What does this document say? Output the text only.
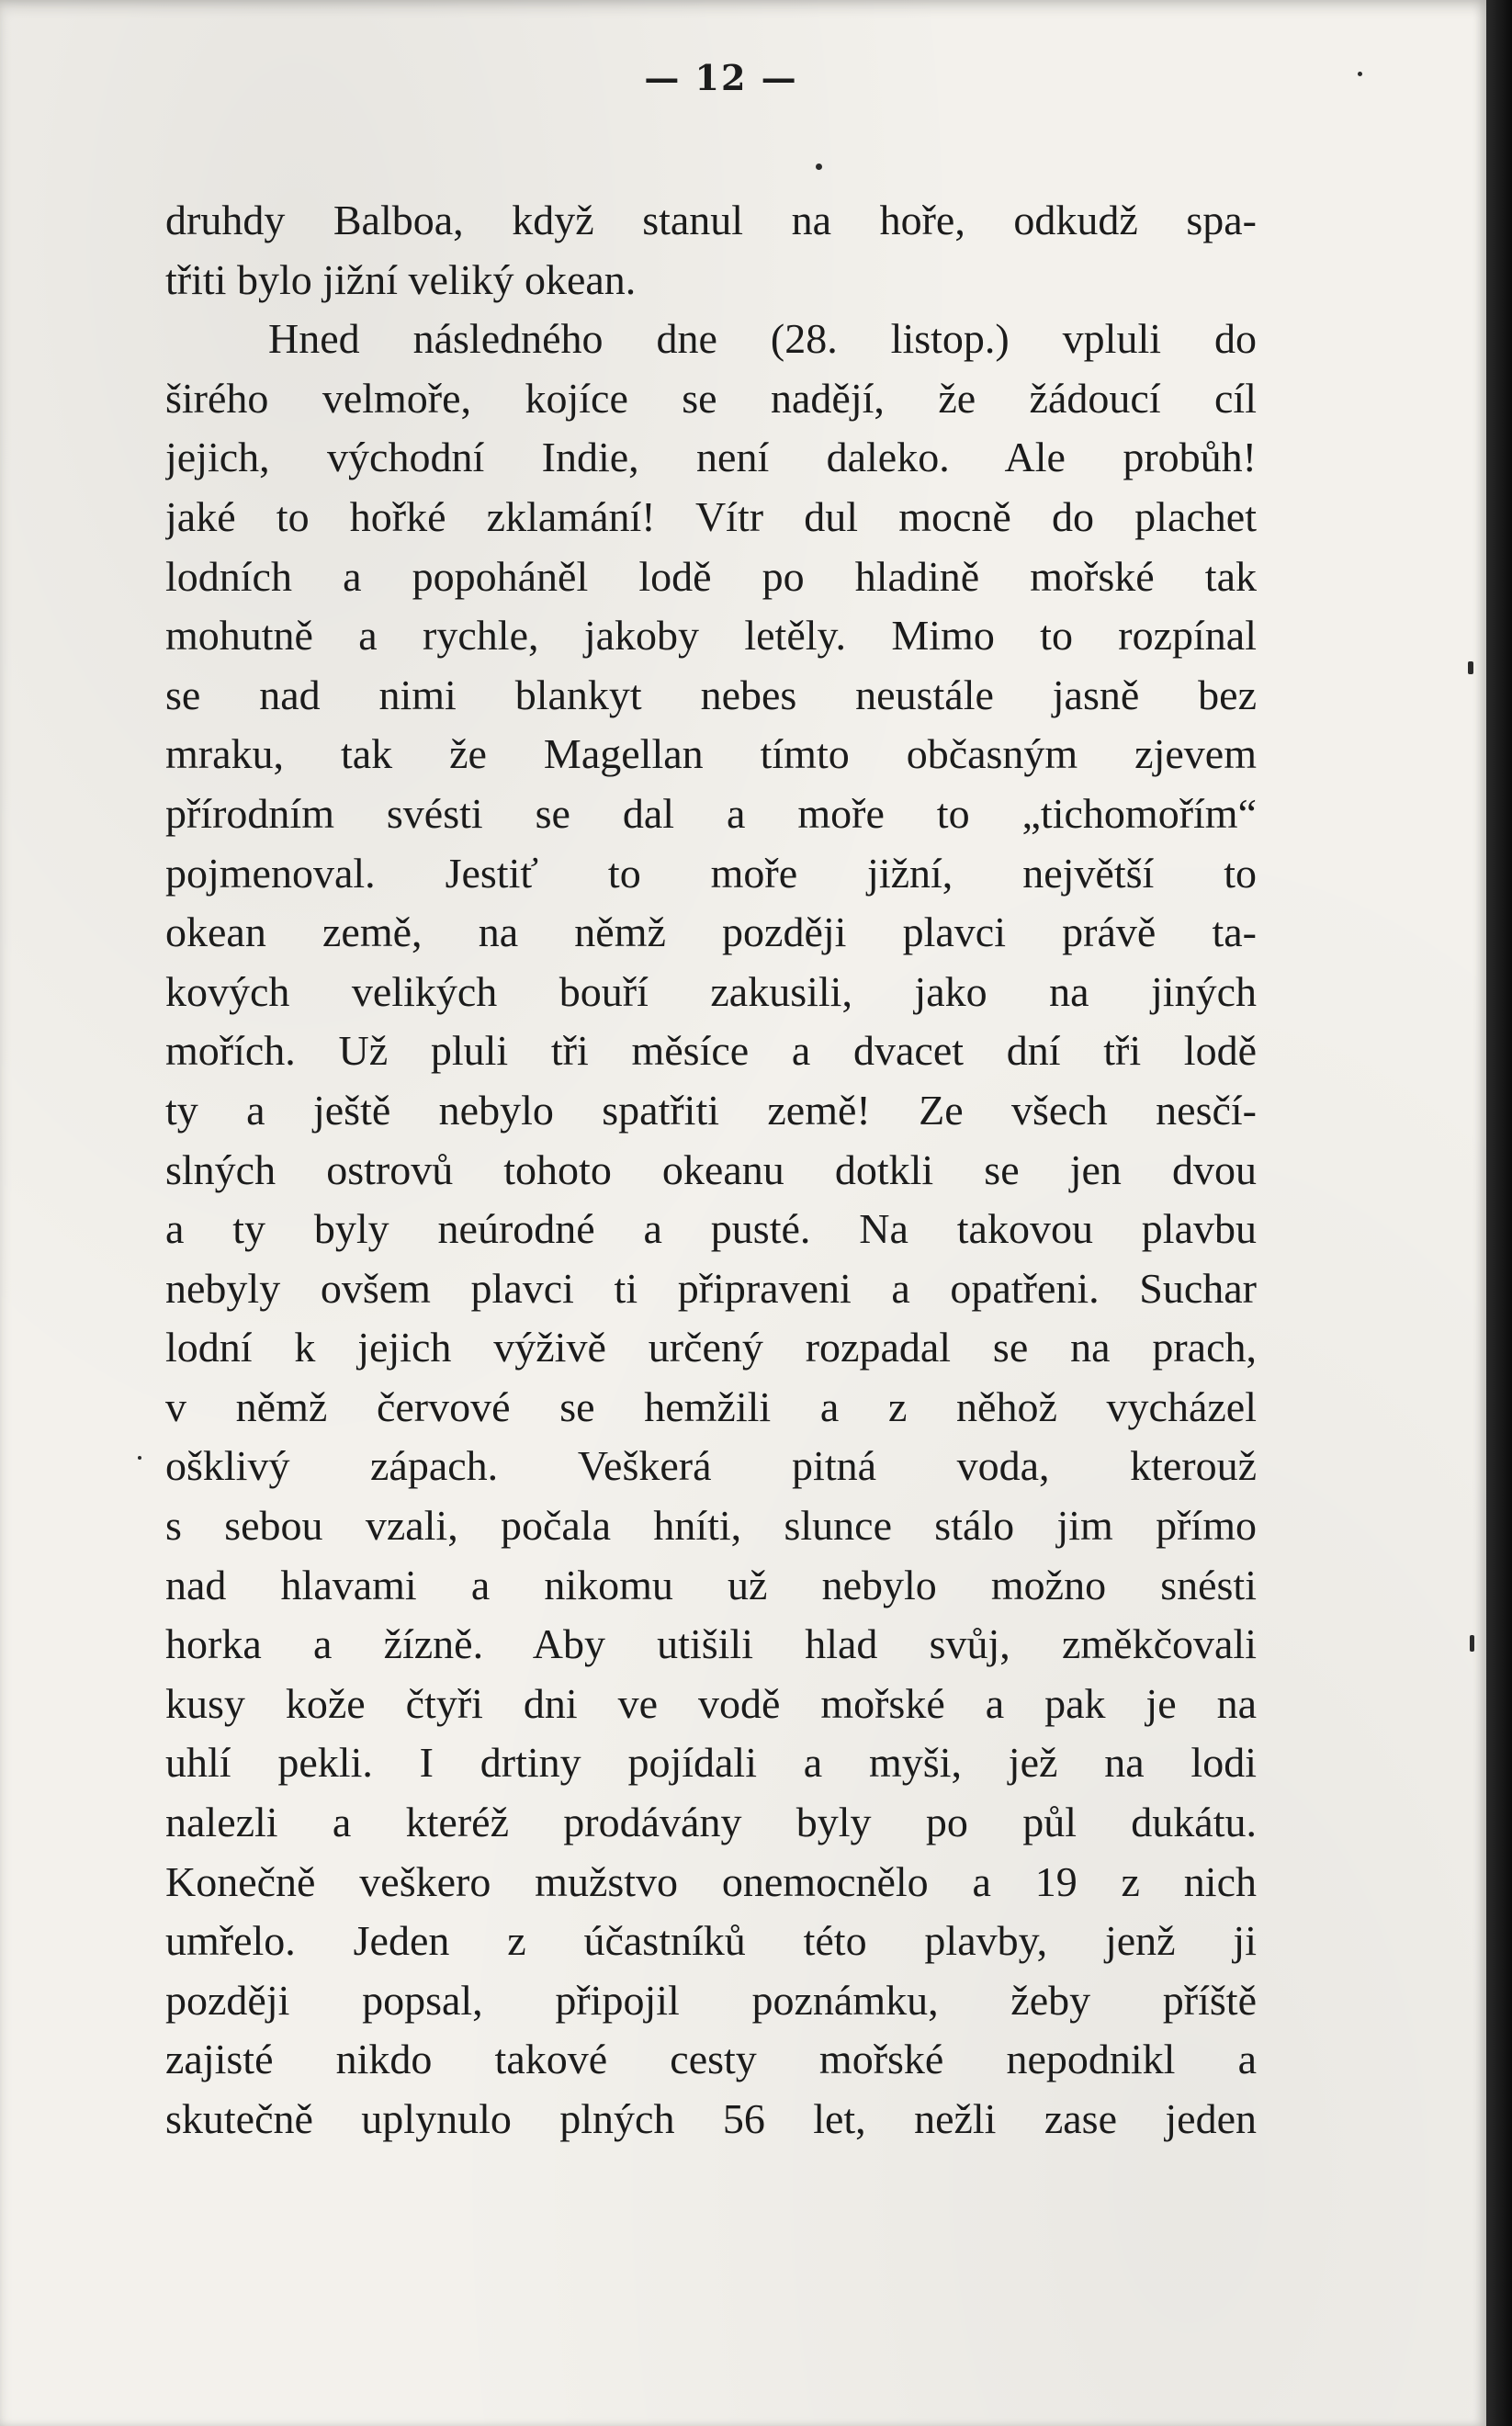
— 12 —
druhdy Balboa, když stanul na hoře, odkudž spa-
třiti bylo jižní veliký okean.
Hned následného dne (28. listop.) vpluli do
širého velmoře, kojíce se nadějí, že žádoucí cíl
jejich, východní Indie, není daleko. Ale probůh!
jaké to hořké zklamání! Vítr dul mocně do plachet
lodních a popoháněl lodě po hladině mořské tak
mohutně a rychle, jakoby letěly. Mimo to rozpínal
se nad nimi blankyt nebes neustále jasně bez
mraku, tak že Magellan tímto občasným zjevem
přírodním svésti se dal a moře to „tichomořím“
pojmenoval. Jestiť to moře jižní, největší to
okean země, na němž později plavci právě ta-
kových velikých bouří zakusili, jako na jiných
mořích. Už pluli tři měsíce a dvacet dní tři lodě
ty a ještě nebylo spatřiti země! Ze všech nesčí-
slných ostrovů tohoto okeanu dotkli se jen dvou
a ty byly neúrodné a pusté. Na takovou plavbu
nebyly ovšem plavci ti připraveni a opatřeni. Suchar
lodní k jejich výživě určený rozpadal se na prach,
v němž červové se hemžili a z něhož vycházel
ošklivý zápach. Veškerá pitná voda, kterouž
s sebou vzali, počala hníti, slunce stálo jim přímo
nad hlavami a nikomu už nebylo možno snésti
horka a žízně. Aby utišili hlad svůj, změkčovali
kusy kože čtyři dni ve vodě mořské a pak je na
uhlí pekli. I drtiny pojídali a myši, jež na lodi
nalezli a kteréž prodávány byly po půl dukátu.
Konečně veškero mužstvo onemocnělo a 19 z nich
umřelo. Jeden z účastníků této plavby, jenž ji
později popsal, připojil poznámku, žeby příště
zajisté nikdo takové cesty mořské nepodnikl a
skutečně uplynulo plných 56 let, nežli zase jeden
